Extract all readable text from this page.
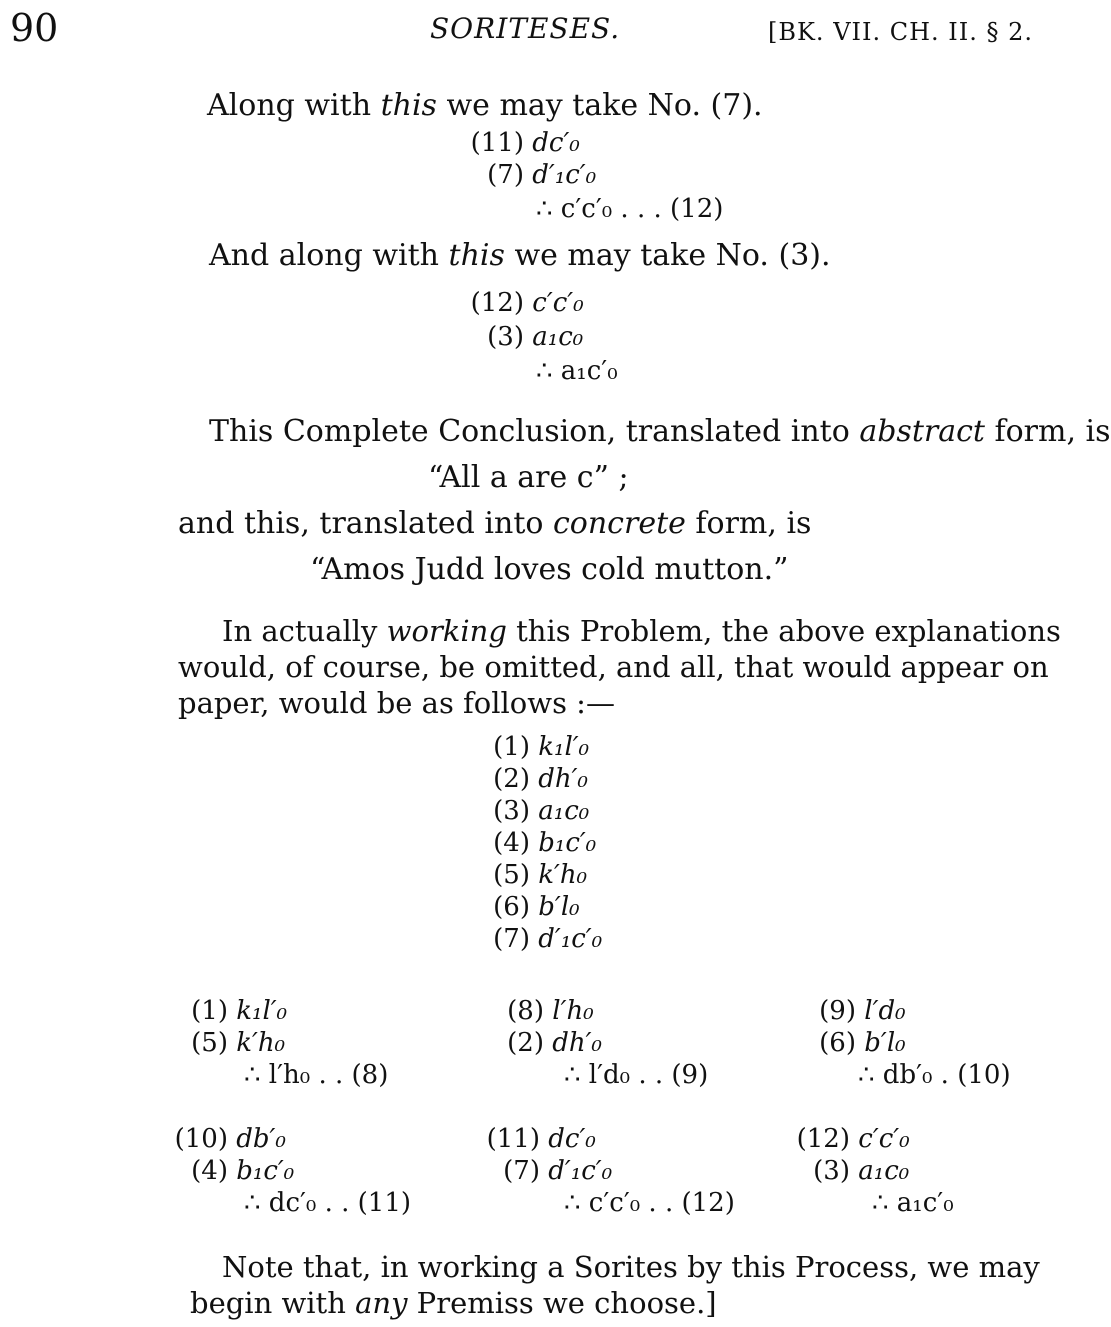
90	SORITESES.	[BK. VII. CH. II. § 2.
Along with this we may take No. (7).
(11) dc′₀
(7) d′₁c′₀
∴ c′c′₀ . . . (12)
And along with this we may take No. (3).
(12) c′c′₀
(3) a₁c₀
∴ a₁c′₀
This Complete Conclusion, translated into abstract form, is
“All a are c” ;
and this, translated into concrete form, is
“Amos Judd loves cold mutton.”
In actually working this Problem, the above explanations
would, of course, be omitted, and all, that would appear on
paper, would be as follows :—
(1) k₁l′₀
(2) dh′₀
(3) a₁c₀
(4) b₁c′₀
(5) k′h₀
(6) b′l₀
(7) d′₁c′₀
(1) k₁l′₀
(5) k′h₀
∴ l′h₀ . . (8)
(8) l′h₀
(2) dh′₀
∴ l′d₀ . . (9)
(9) l′d₀
(6) b′l₀
∴ db′₀ . (10)
(10) db′₀
(4) b₁c′₀
∴ dc′₀ . . (11)
(11) dc′₀
(7) d′₁c′₀
∴ c′c′₀ . . (12)
(12) c′c′₀
(3) a₁c₀
∴ a₁c′₀
Note that, in working a Sorites by this Process, we may
begin with any Premiss we choose.]
